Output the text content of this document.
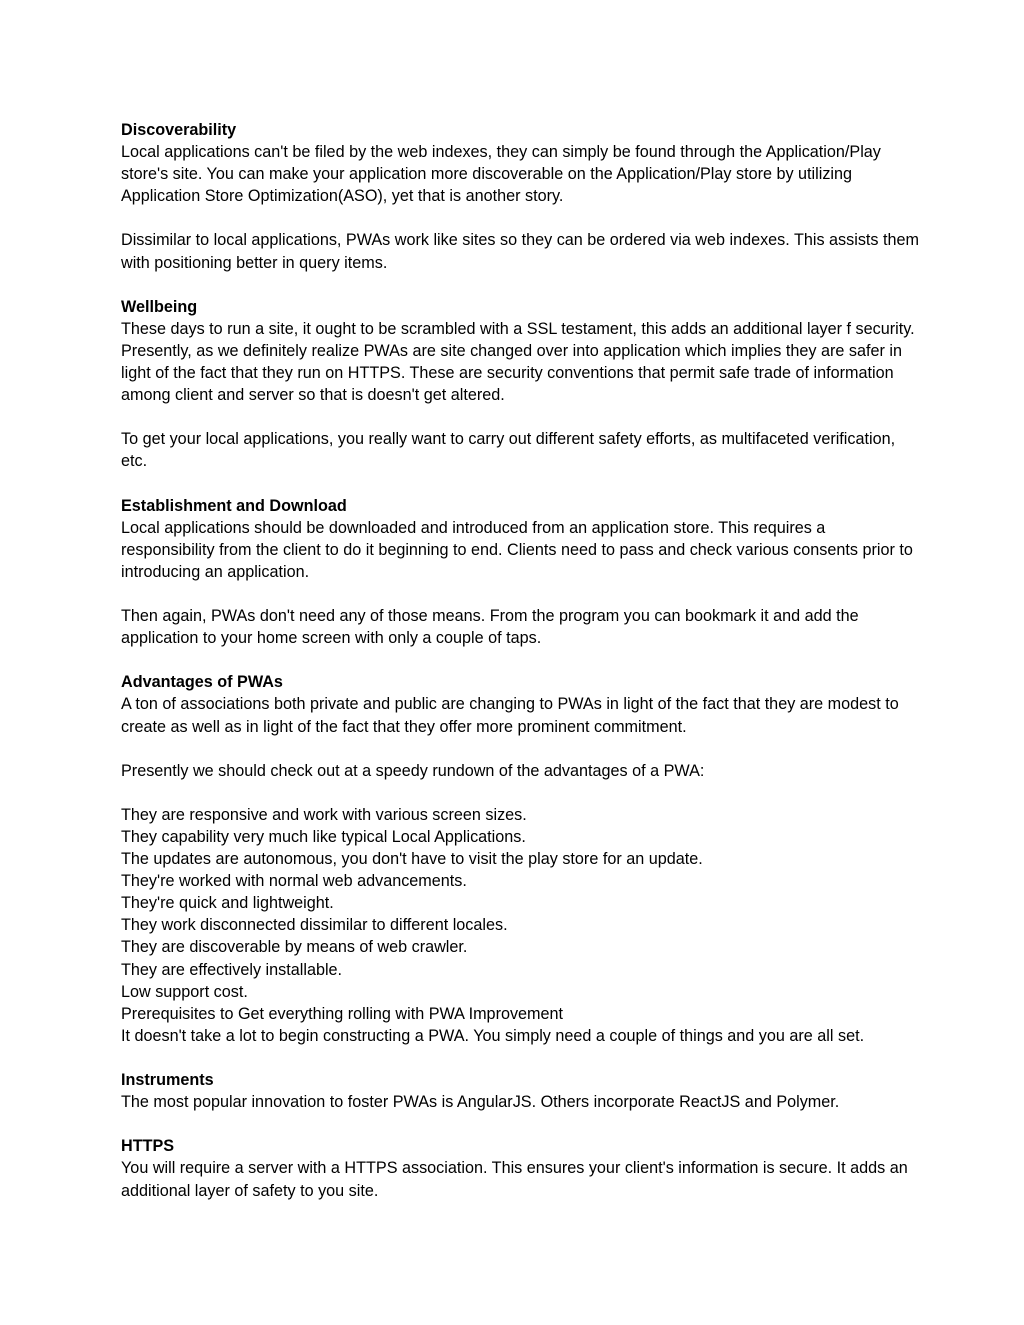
Discoverability
Local applications can't be filed by the web indexes, they can simply be found through the Application/Play store's site. You can make your application more discoverable on the Application/Play store by utilizing Application Store Optimization(ASO), yet that is another story.
Dissimilar to local applications, PWAs work like sites so they can be ordered via web indexes. This assists them with positioning better in query items.
Wellbeing
These days to run a site, it ought to be scrambled with a SSL testament, this adds an additional layer f security. Presently, as we definitely realize PWAs are site changed over into application which implies they are safer in light of the fact that they run on HTTPS. These are security conventions that permit safe trade of information among client and server so that is doesn't get altered.
To get your local applications, you really want to carry out different safety efforts, as multifaceted verification, etc.
Establishment and Download
Local applications should be downloaded and introduced from an application store. This requires a responsibility from the client to do it beginning to end. Clients need to pass and check various consents prior to introducing an application.
Then again, PWAs don't need any of those means. From the program you can bookmark it and add the application to your home screen with only a couple of taps.
Advantages of PWAs
A ton of associations both private and public are changing to PWAs in light of the fact that they are modest to create as well as in light of the fact that they offer more prominent commitment.
Presently we should check out at a speedy rundown of the advantages of a PWA:
They are responsive and work with various screen sizes.
They capability very much like typical Local Applications.
The updates are autonomous, you don't have to visit the play store for an update.
They're worked with normal web advancements.
They're quick and lightweight.
They work disconnected dissimilar to different locales.
They are discoverable by means of web crawler.
They are effectively installable.
Low support cost.
Prerequisites to Get everything rolling with PWA Improvement
It doesn't take a lot to begin constructing a PWA. You simply need a couple of things and you are all set.
Instruments
The most popular innovation to foster PWAs is AngularJS. Others incorporate ReactJS and Polymer.
HTTPS
You will require a server with a HTTPS association. This ensures your client's information is secure. It adds an additional layer of safety to you site.
